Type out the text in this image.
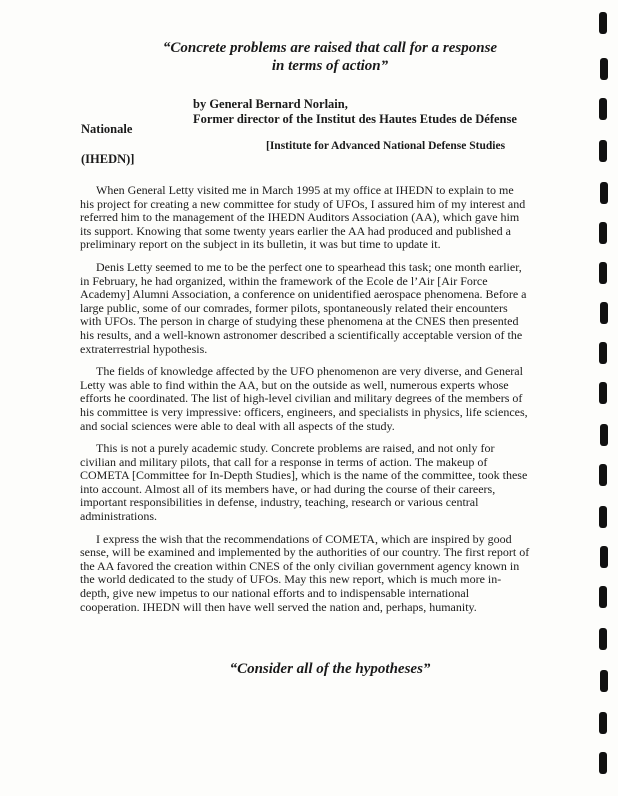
“Concrete problems are raised that call for a response
in terms of action”
by General Bernard Norlain,
Former director of the Institut des Hautes Etudes de Défense
Nationale
[Institute for Advanced National Defense Studies
(IHEDN)]

When General Letty visited me in March 1995 at my office at IHEDN to explain to me his project for creating a new committee for study of UFOs, I assured him of my interest and referred him to the management of the IHEDN Auditors Association (AA), which gave him its support. Knowing that some twenty years earlier the AA had produced and published a preliminary report on the subject in its bulletin, it was but time to update it.

Denis Letty seemed to me to be the perfect one to spearhead this task; one month earlier, in February, he had organized, within the framework of the Ecole de l’Air [Air Force Academy] Alumni Association, a conference on unidentified aerospace phenomena. Before a large public, some of our comrades, former pilots, spontaneously related their encounters with UFOs. The person in charge of studying these phenomena at the CNES then presented his results, and a well-known astronomer described a scientifically acceptable version of the extraterrestrial hypothesis.

The fields of knowledge affected by the UFO phenomenon are very diverse, and General Letty was able to find within the AA, but on the outside as well, numerous experts whose efforts he coordinated. The list of high-level civilian and military degrees of the members of his committee is very impressive: officers, engineers, and specialists in physics, life sciences, and social sciences were able to deal with all aspects of the study.

This is not a purely academic study. Concrete problems are raised, and not only for civilian and military pilots, that call for a response in terms of action. The makeup of COMETA [Committee for In-Depth Studies], which is the name of the committee, took these into account. Almost all of its members have, or had during the course of their careers, important responsibilities in defense, industry, teaching, research or various central administrations.

I express the wish that the recommendations of COMETA, which are inspired by good sense, will be examined and implemented by the authorities of our country. The first report of the AA favored the creation within CNES of the only civilian government agency known in the world dedicated to the study of UFOs. May this new report, which is much more in-depth, give new impetus to our national efforts and to indispensable international cooperation. IHEDN will then have well served the nation and, perhaps, humanity.

“Consider all of the hypotheses”
